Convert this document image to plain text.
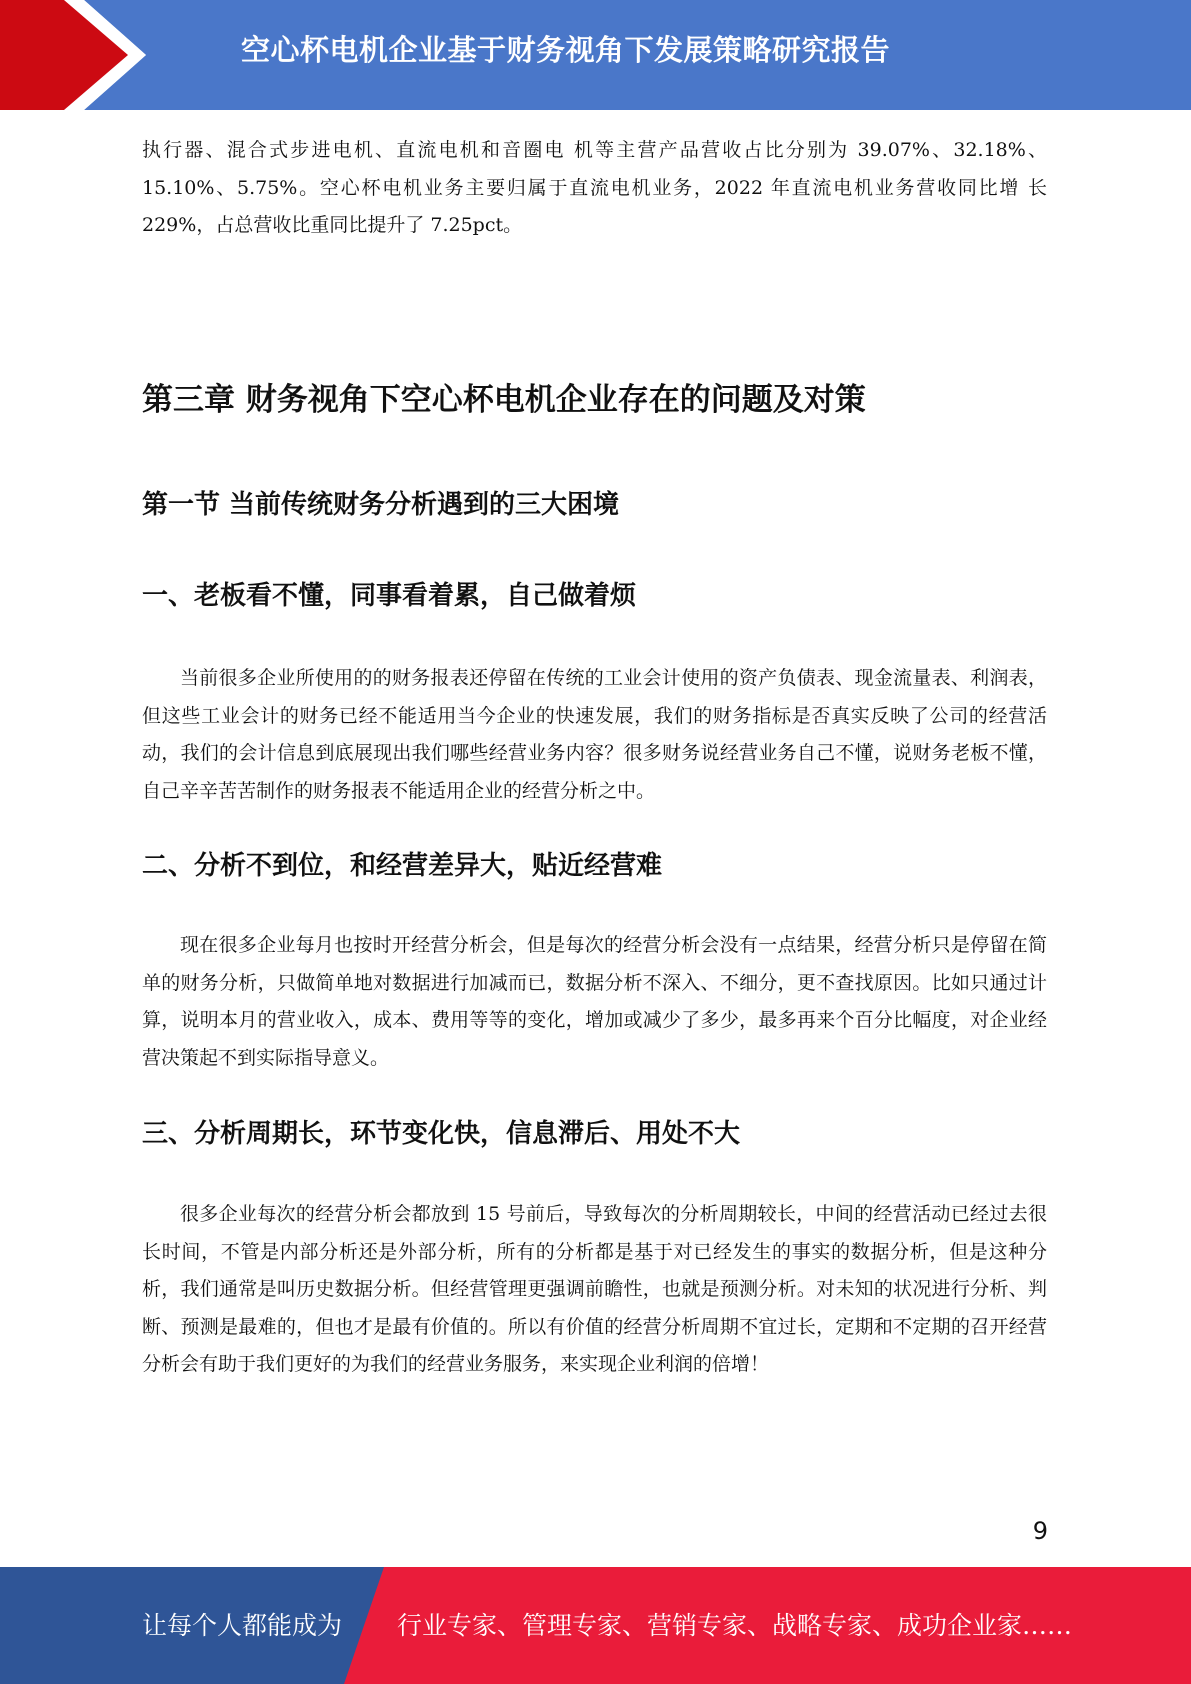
空心杯电机企业基于财务视角下发展策略研究报告

执行器、混合式步进电机、直流电机和音圈电 机等主营产品营收占比分别为 39.07%、32.18%、15.10%、5.75%。空心杯电机业务主要归属于直流电机业务，2022 年直流电机业务营收同比增 长 229%，占总营收比重同比提升了 7.25pct。

第三章 财务视角下空心杯电机企业存在的问题及对策
第一节 当前传统财务分析遇到的三大困境
一、老板看不懂，同事看着累，自己做着烦

当前很多企业所使用的的财务报表还停留在传统的工业会计使用的资产负债表、现金流量表、利润表，但这些工业会计的财务已经不能适用当今企业的快速发展，我们的财务指标是否真实反映了公司的经营活动，我们的会计信息到底展现出我们哪些经营业务内容？很多财务说经营业务自己不懂，说财务老板不懂，自己辛辛苦苦制作的财务报表不能适用企业的经营分析之中。

二、分析不到位，和经营差异大，贴近经营难

现在很多企业每月也按时开经营分析会，但是每次的经营分析会没有一点结果，经营分析只是停留在简单的财务分析，只做简单地对数据进行加减而已，数据分析不深入、不细分，更不查找原因。比如只通过计算，说明本月的营业收入，成本、费用等等的变化，增加或减少了多少，最多再来个百分比幅度，对企业经营决策起不到实际指导意义。

三、分析周期长，环节变化快，信息滞后、用处不大

很多企业每次的经营分析会都放到 15 号前后，导致每次的分析周期较长，中间的经营活动已经过去很长时间，不管是内部分析还是外部分析，所有的分析都是基于对已经发生的事实的数据分析，但是这种分析，我们通常是叫历史数据分析。但经营管理更强调前瞻性，也就是预测分析。对未知的状况进行分析、判断、预测是最难的，但也才是最有价值的。所以有价值的经营分析周期不宜过长，定期和不定期的召开经营分析会有助于我们更好的为我们的经营业务服务，来实现企业利润的倍增！

9
让每个人都能成为 行业专家、管理专家、营销专家、战略专家、成功企业家……
